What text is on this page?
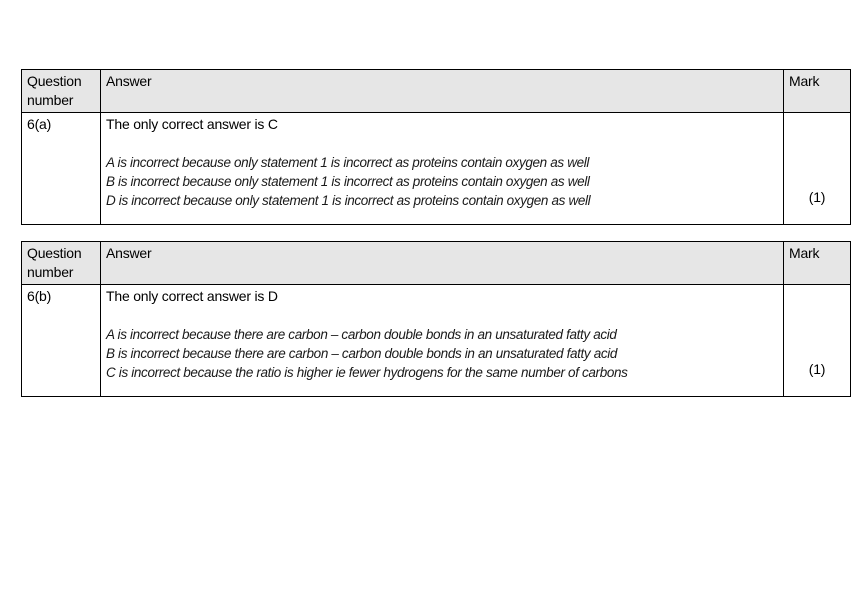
Question number	Answer	Mark
6(a)	The only correct answer is C

A is incorrect because only statement 1 is incorrect as proteins contain oxygen as well

B is incorrect because only statement 1 is incorrect as proteins contain oxygen as well

D is incorrect because only statement 1 is incorrect as proteins contain oxygen as well	(1)
Question number	Answer	Mark
6(b)	The only correct answer is D

A is incorrect because there are carbon – carbon double bonds in an unsaturated fatty acid

B is incorrect because there are carbon – carbon double bonds in an unsaturated fatty acid

C is incorrect because the ratio is higher ie fewer hydrogens for the same number of carbons	(1)
